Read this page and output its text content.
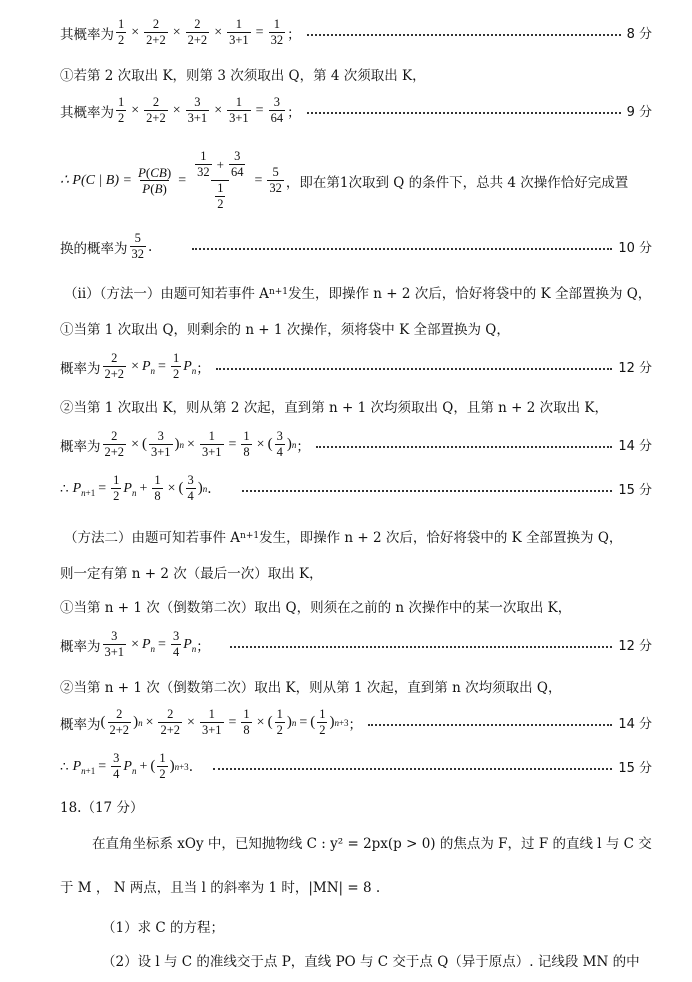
其概率为 $\frac{1}{2} \times \frac{2}{2+2} \times \frac{2}{2+2} \times \frac{1}{3+1} = \frac{1}{32}$ ；	8 分
①若第 2 次取出 K，则第 3 次须取出 Q，第 4 次须取出 K，
其概率为 $\frac{1}{2} \times \frac{2}{2+2} \times \frac{3}{3+1} \times \frac{1}{3+1} = \frac{3}{64}$ ；	9 分
∴ P(C | $B) = \frac{P(CB)}{P(B)} = \frac{\frac{1}{32} + \frac{3}{64}}{\frac{1}{2}} = \frac{5}{32}$ ，即在第1次取到 Q 的条件下，总共 4 次操作恰好完成置
换的概率为 $\frac{5}{32}$ .	10 分
（ii）（方法一）由题可知若事件 A n+1 发生，即操作 n + 2 次后，恰好将袋中的 K 全部置换为 Q，
①当第 1 次取出 Q，则剩余的 n + 1 次操作，须将袋中 K 全部置换为 Q，
概率为 $\frac{2}{2+2} \times P_n = \frac{1}{2} P_n$ ；	12 分
②当第 1 次取出 K，则从第 2 次起，直到第 n + 1 次均须取出 Q，且第 n + 2 次取出 K，
概率为 $\frac{2}{2+2}$ × ( $\frac{3}{3+1}$ ) $n \times \frac{1}{3+1} = \frac{1}{8}$ × ( $\frac{3}{4}$ ) n ；	14 分
∴ $P_{n+1} = \frac{1}{2} P_n + \frac{1}{8}$ × ( $\frac{3}{4}$ ) n .	15 分
（方法二）由题可知若事件 A n+1 发生，即操作 n + 2 次后，恰好将袋中的 K 全部置换为 Q，
则一定有第 n + 2 次（最后一次）取出 K，
①当第 n + 1 次（倒数第二次）取出 Q，则须在之前的 n 次操作中的某一次取出 K，
概率为 $\frac{3}{3+1} \times P_n = \frac{3}{4} P_n$ ；	12 分
②当第 n + 1 次（倒数第二次）取出 K，则从第 1 次起，直到第 n 次均须取出 Q，
概率为 ( $\frac{2}{2+2}$ ) $n \times \frac{2}{2+2} \times \frac{1}{3+1} = \frac{1}{8}$ × ( $\frac{1}{2}$ ) n = ( $\frac{1}{2}$ ) n+3 ；	14 分
∴ $P_{n+1} = \frac{3}{4} P_n$ + ( $\frac{1}{2}$ ) n+3 .	15 分
18.（17 分）
在直角坐标系 xOy 中，已知抛物线 C : y² = 2px(p > 0) 的焦点为 F，过 F 的直线 l 与 C 交
于 M ， N 两点，且当 l 的斜率为 1 时，|MN| = 8 .
（1）求 C 的方程；
（2）设 l 与 C 的准线交于点 P，直线 PO 与 C 交于点 Q（异于原点）. 记线段 MN 的中
